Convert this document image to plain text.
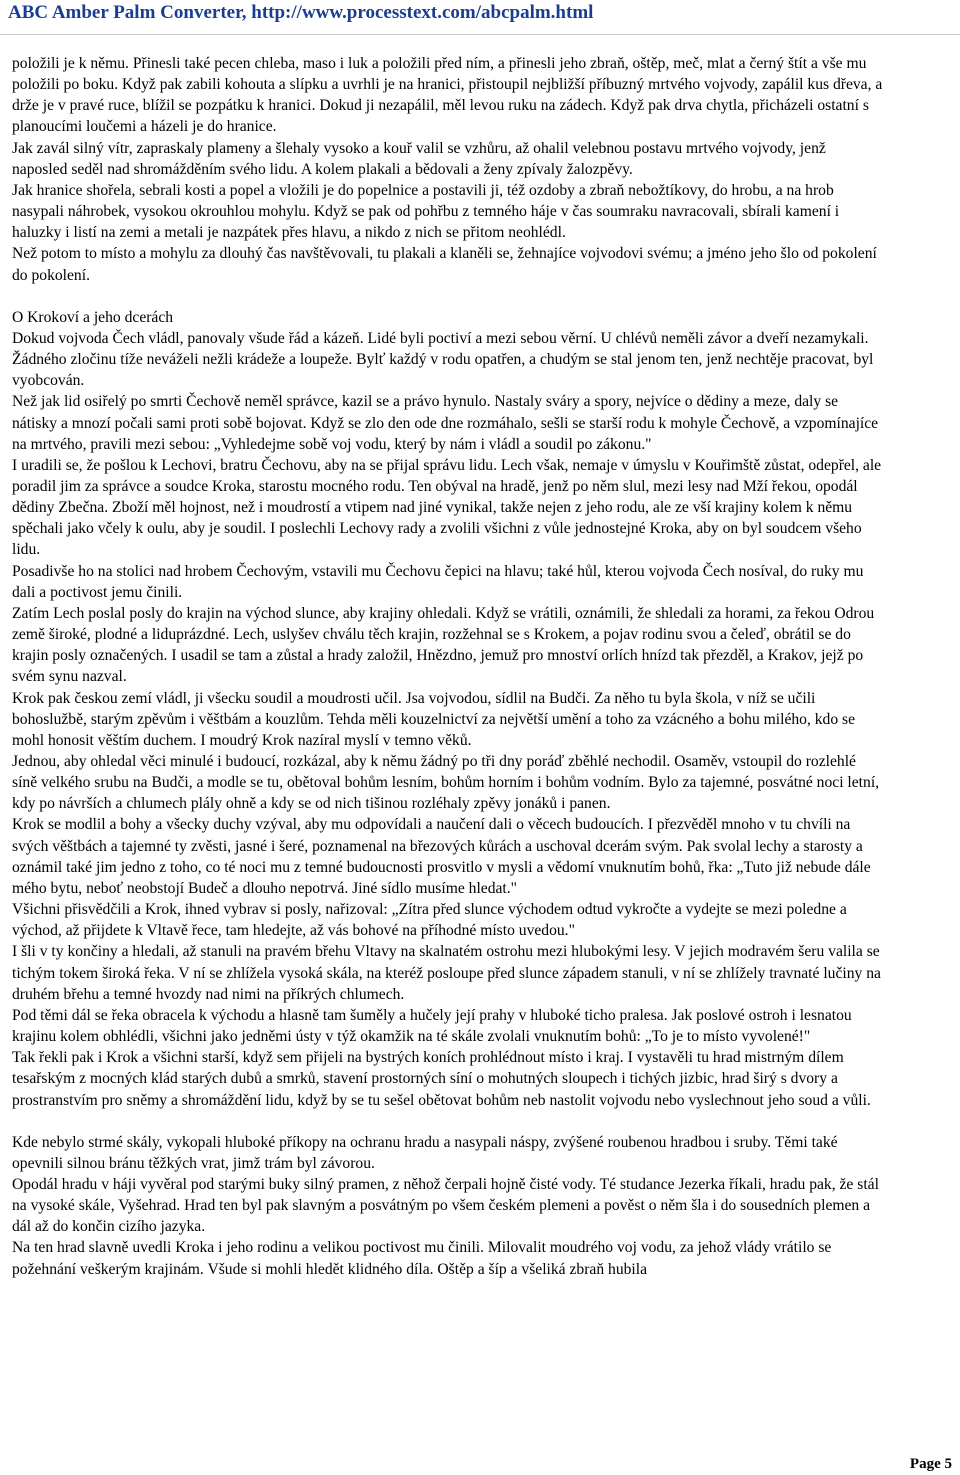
ABC Amber Palm Converter, http://www.processtext.com/abcpalm.html

položili je k němu. Přinesli také pecen chleba, maso i luk a položili před ním, a přinesli jeho zbraň, oštěp, meč, mlat a černý štít a vše mu položili po boku. Když pak zabili kohouta a slípku a uvrhli je na hranici, přistoupil nejbližší příbuzný mrtvého vojvody, zapálil kus dřeva, a drže je v pravé ruce, blížil se pozpátku k hranici. Dokud ji nezapálil, měl levou ruku na zádech. Když pak drva chytla, přicházeli ostatní s planoucími loučemi a házeli je do hranice.

Jak zavál silný vítr, zapraskaly plameny a šlehaly vysoko a kouř valil se vzhůru, až ohalil velebnou postavu mrtvého vojvody, jenž naposled seděl nad shromážděním svého lidu. A kolem plakali a bědovali a ženy zpívaly žalozpěvy.

Jak hranice shořela, sebrali kosti a popel a vložili je do popelnice a postavili ji, též ozdoby a zbraň nebožtíkovy, do hrobu, a na hrob nasypali náhrobek, vysokou okrouhlou mohylu. Když se pak od pohřbu z temného háje v čas soumraku navracovali, sbírali kamení i haluzky i listí na zemi a metali je nazpátek přes hlavu, a nikdo z nich se přitom neohlédl.

Než potom to místo a mohylu za dlouhý čas navštěvovali, tu plakali a klaněli se, žehnajíce vojvodovi svému; a jméno jeho šlo od pokolení do pokolení.

O Krokoví a jeho dcerách

Dokud vojvoda Čech vládl, panovaly všude řád a kázeň. Lidé byli poctiví a mezi sebou věrní. U chlévů neměli závor a dveří nezamykali. Žádného zločinu tíže neváželi nežli krádeže a loupeže. Bylť každý v rodu opatřen, a chudým se stal jenom ten, jenž nechtěje pracovat, byl vyobcován.

Než jak lid osiřelý po smrti Čechově neměl správce, kazil se a právo hynulo. Nastaly sváry a spory, nejvíce o dědiny a meze, daly se nátisky a mnozí počali sami proti sobě bojovat. Když se zlo den ode dne rozmáhalo, sešli se starší rodu k mohyle Čechově, a vzpomínajíce na mrtvého, pravili mezi sebou: „Vyhledejme sobě voj vodu, který by nám i vládl a soudil po zákonu."

I uradili se, že pošlou k Lechovi, bratru Čechovu, aby na se přijal správu lidu. Lech však, nemaje v úmyslu v Kouřimště zůstat, odepřel, ale poradil jim za správce a soudce Kroka, starostu mocného rodu. Ten obýval na hradě, jenž po něm slul, mezi lesy nad Mží řekou, opodál dědiny Zbečna. Zboží měl hojnost, než i moudrostí a vtipem nad jiné vynikal, takže nejen z jeho rodu, ale ze vší krajiny kolem k němu spěchali jako včely k oulu, aby je soudil. I poslechli Lechovy rady a zvolili všichni z vůle jednostejné Kroka, aby on byl soudcem všeho lidu.

Posadivše ho na stolici nad hrobem Čechovým, vstavili mu Čechovu čepici na hlavu; také hůl, kterou vojvoda Čech nosíval, do ruky mu dali a poctivost jemu činili.

Zatím Lech poslal posly do krajin na východ slunce, aby krajiny ohledali. Když se vrátili, oznámili, že shledali za horami, za řekou Odrou země široké, plodné a liduprázdné. Lech, uslyšev chválu těch krajin, rozžehnal se s Krokem, a pojav rodinu svou a čeleď, obrátil se do krajin posly označených. I usadil se tam a zůstal a hrady založil, Hnězdno, jemuž pro mnoství orlích hnízd tak přezděl, a Krakov, jejž po svém synu nazval.

Krok pak českou zemí vládl, ji všecku soudil a moudrosti učil. Jsa vojvodou, sídlil na Budči. Za něho tu byla škola, v níž se učili bohoslužbě, starým zpěvům i věštbám a kouzlům. Tehda měli kouzelnictví za největší umění a toho za vzácného a bohu milého, kdo se mohl honosit věštím duchem. I moudrý Krok nazíral myslí v temno věků.

Jednou, aby ohledal věci minulé i budoucí, rozkázal, aby k němu žádný po tři dny poráď zběhlé nechodil. Osaměv, vstoupil do rozlehlé síně velkého srubu na Budči, a modle se tu, obětoval bohům lesním, bohům horním i bohům vodním. Bylo za tajemné, posvátné noci letní, kdy po návrších a chlumech plály ohně a kdy se od nich tišinou rozléhaly zpěvy jonáků i panen.

Krok se modlil a bohy a všecky duchy vzýval, aby mu odpovídali a naučení dali o věcech budoucích. I přezvěděl mnoho v tu chvíli na svých věštbách a tajemné ty zvěsti, jasné i šeré, poznamenal na březových kůrách a uschoval dcerám svým. Pak svolal lechy a starosty a oznámil také jim jedno z toho, co té noci mu z temné budoucnosti prosvitlo v mysli a vědomí vnuknutím bohů, řka: „Tuto již nebude dále mého bytu, neboť neobstojí Budeč a dlouho nepotrvá. Jiné sídlo musíme hledat."

Všichni přisvědčili a Krok, ihned vybrav si posly, nařizoval: „Zítra před slunce východem odtud vykročte a vydejte se mezi poledne a východ, až přijdete k Vltavě řece, tam hledejte, až vás bohové na příhodné místo uvedou."

I šli v ty končiny a hledali, až stanuli na pravém břehu Vltavy na skalnatém ostrohu mezi hlubokými lesy. V jejich modravém šeru valila se tichým tokem široká řeka. V ní se zhlížela vysoká skála, na kteréž posloupe před slunce západem stanuli, v ní se zhlížely travnaté lučiny na druhém břehu a temné hvozdy nad nimi na příkrých chlumech.

Pod těmi dál se řeka obracela k východu a hlasně tam šuměly a hučely její prahy v hluboké ticho pralesa. Jak poslové ostroh i lesnatou krajinu kolem obhlédli, všichni jako jedněmi ústy v týž okamžik na té skále zvolali vnuknutím bohů: „To je to místo vyvolené!"

Tak řekli pak i Krok a všichni starší, když sem přijeli na bystrých koních prohlédnout místo i kraj. I vystavěli tu hrad mistrným dílem tesařským z mocných klád starých dubů a smrků, stavení prostorných síní o mohutných sloupech i tichých jizbic, hrad širý s dvory a prostranstvím pro sněmy a shromáždění lidu, když by se tu sešel obětovat bohům neb nastolit vojvodu nebo vyslechnout jeho soud a vůli.

Kde nebylo strmé skály, vykopali hluboké příkopy na ochranu hradu a nasypali náspy, zvýšené roubenou hradbou i sruby. Těmi také opevnili silnou bránu těžkých vrat, jimž trám byl závorou.

Opodál hradu v háji vyvěral pod starými buky silný pramen, z něhož čerpali hojně čisté vody. Té studance Jezerka říkali, hradu pak, že stál na vysoké skále, Vyšehrad. Hrad ten byl pak slavným a posvátným po všem českém plemeni a pověst o něm šla i do sousedních plemen a dál až do končin cizího jazyka.

Na ten hrad slavně uvedli Kroka i jeho rodinu a velikou poctivost mu činili. Milovalit moudrého voj vodu, za jehož vlády vrátilo se požehnání veškerým krajinám. Všude si mohli hledět klidného díla. Oštěp a šíp a všeliká zbraň hubila

Page 5
